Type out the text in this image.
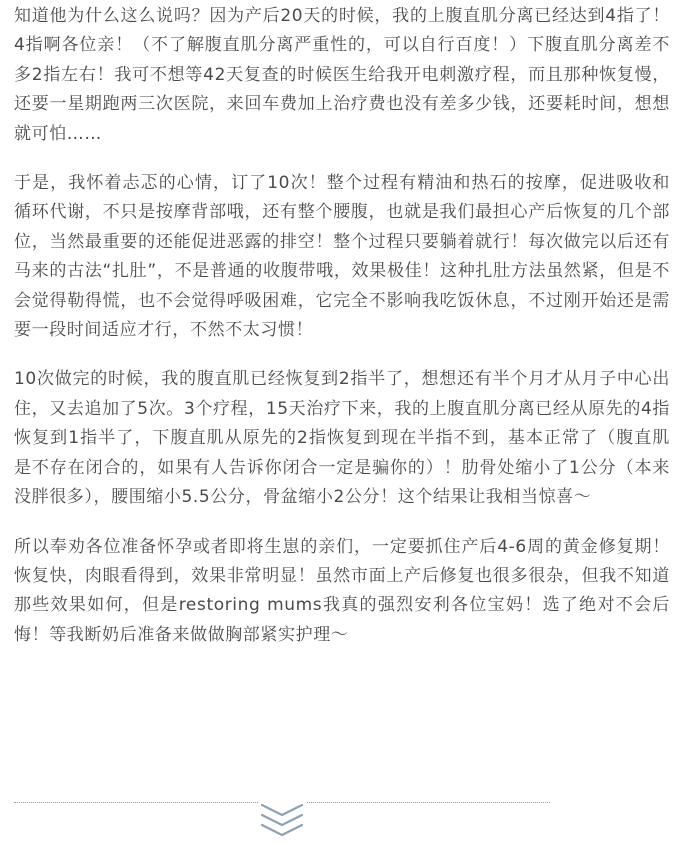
知道他为什么这么说吗？因为产后20天的时候，我的上腹直肌分离已经达到4指了！4指啊各位亲！（不了解腹直肌分离严重性的，可以自行百度！）下腹直肌分离差不多2指左右！我可不想等42天复查的时候医生给我开电刺激疗程，而且那种恢复慢，还要一星期跑两三次医院，来回车费加上治疗费也没有差多少钱，还要耗时间，想想就可怕……

于是，我怀着忐忑的心情，订了10次！整个过程有精油和热石的按摩，促进吸收和循环代谢，不只是按摩背部哦，还有整个腰腹，也就是我们最担心产后恢复的几个部位，当然最重要的还能促进恶露的排空！整个过程只要躺着就行！每次做完以后还有马来的古法“扎肚”，不是普通的收腹带哦，效果极佳！这种扎肚方法虽然紧，但是不会觉得勒得慌，也不会觉得呼吸困难，它完全不影响我吃饭休息，不过刚开始还是需要一段时间适应才行，不然不太习惯！

10次做完的时候，我的腹直肌已经恢复到2指半了，想想还有半个月才从月子中心出住，又去追加了5次。3个疗程，15天治疗下来，我的上腹直肌分离已经从原先的4指恢复到1指半了，下腹直肌从原先的2指恢复到现在半指不到，基本正常了（腹直肌是不存在闭合的，如果有人告诉你闭合一定是骗你的）！肋骨处缩小了1公分（本来没胖很多），腰围缩小5.5公分，骨盆缩小2公分！这个结果让我相当惊喜～

所以奉劝各位准备怀孕或者即将生崽的亲们，一定要抓住产后4-6周的黄金修复期！恢复快，肉眼看得到，效果非常明显！虽然市面上产后修复也很多很杂，但我不知道那些效果如何，但是restoring mums我真的强烈安利各位宝妈！选了绝对不会后悔！等我断奶后准备来做做胸部紧实护理～
